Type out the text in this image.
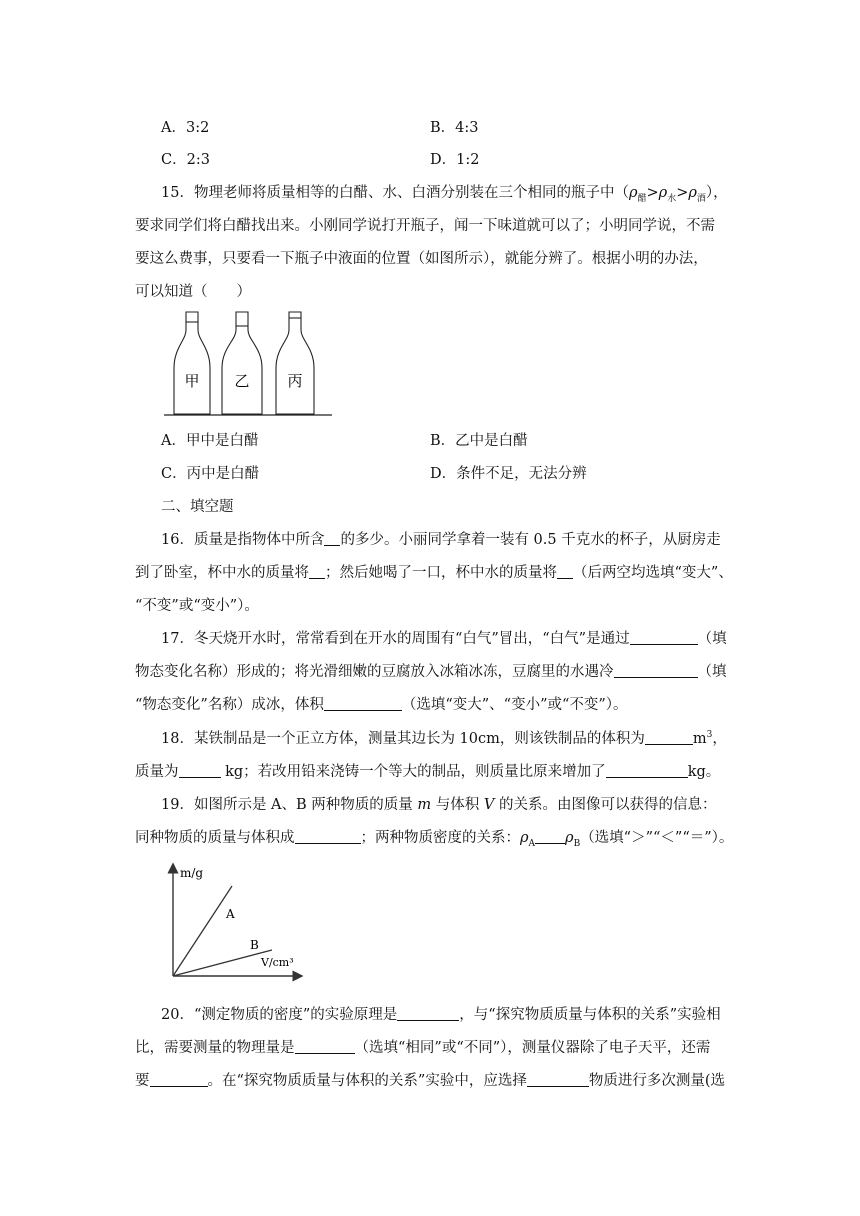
A．3:2	B．4:3
C．2:3	D．1:2
15．物理老师将质量相等的白醋、水、白酒分别装在三个相同的瓶子中$(\rho_醋>\rho_水>\rho_酒)$，
要求同学们将白醋找出来。小刚同学说打开瓶子，闻一下味道就可以了；小明同学说，不需
要这么费事，只要看一下瓶子中液面的位置（如图所示），就能分辨了。根据小明的办法，
可以知道（　　）
甲 乙	丙
A．甲中是白醋	B．乙中是白醋
C．丙中是白醋	D．条件不足，无法分辨
二、填空题
16．质量是指物体中所含 的多少。小丽同学拿着一装有 0.5 千克水的杯子，从厨房走
到了卧室，杯中水的质量将 ；然后她喝了一口，杯中水的质量将 （后两空均选填“变大”、
“不变”或“变小”）。
17．冬天烧开水时，常常看到在开水的周围有“白气”冒出，“白气”是通过	（填
物态变化名称）形成的；将光滑细嫩的豆腐放入冰箱冰冻，豆腐里的水遇冷	（填
“物态变化”名称）成冰，体积	（选填“变大”、“变小”或“不变”）。
18．某铁制品是一个正立方体，测量其边长为 10cm，则该铁制品的体积为	$m^3$，
质量为	kg；若改用铅来浇铸一个等大的制品，则质量比原来增加了	kg。
19．如图所示是 A、B 两种物质的质量 m 与体积 V 的关系。由图像可以获得的信息：
同种物质的质量与体积成	；两种物质密度的关系：$\rho_A$ $\rho_B$（选填“＞”“＜”“＝”）。
m/g
V/cm³
A
B
20．“测定物质的密度”的实验原理是	，与“探究物质质量与体积的关系”实验相
比，需要测量的物理量是	（选填“相同”或“不同”），测量仪器除了电子天平，还需
要	。在“探究物质质量与体积的关系”实验中，应选择	物质进行多次测量(选
